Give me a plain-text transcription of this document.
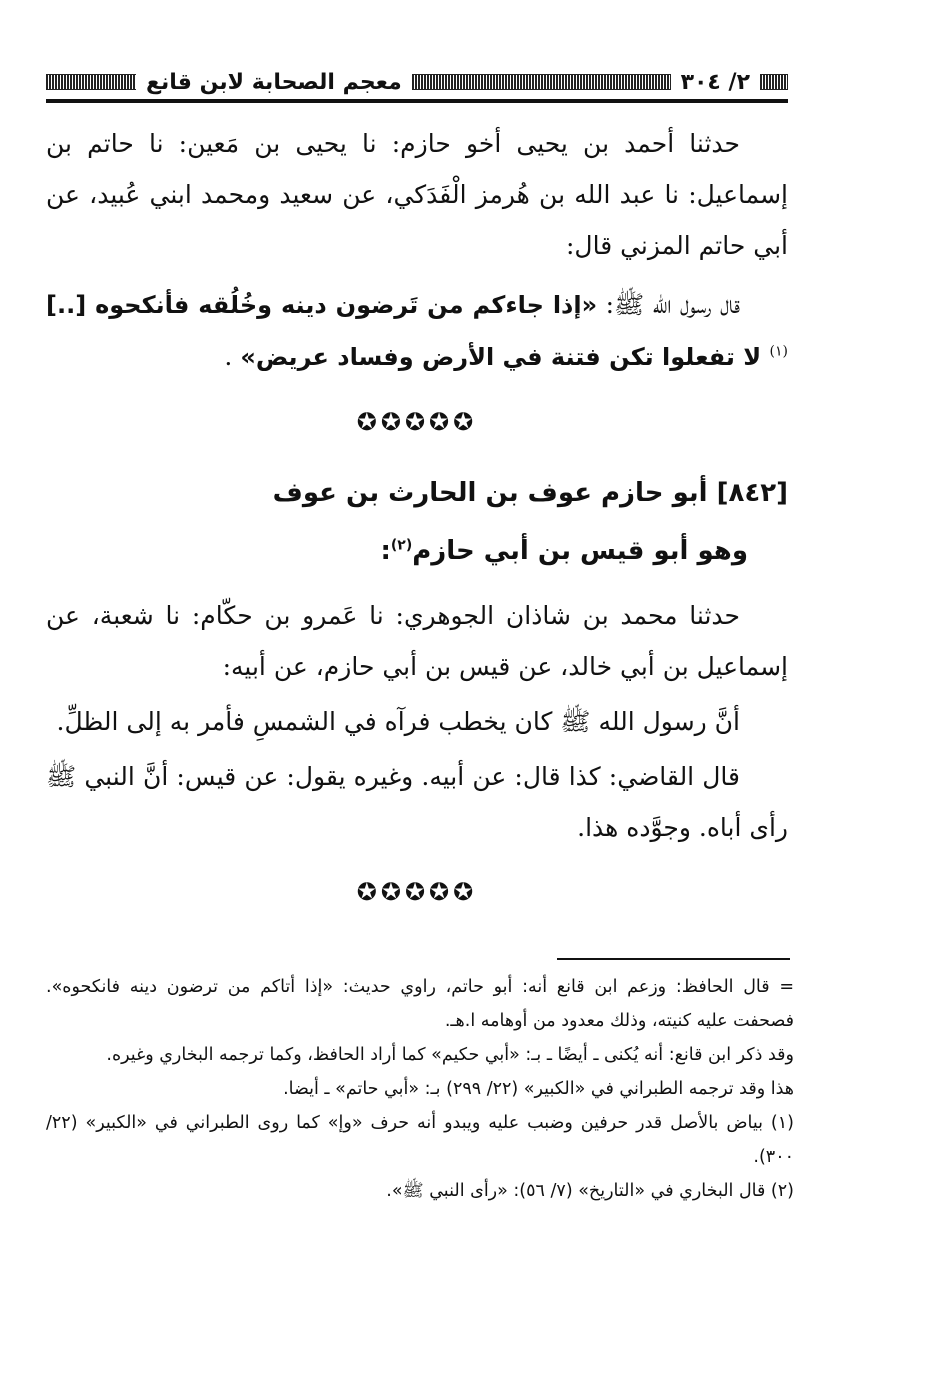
٢/ ٣٠٤
معجم الصحابة لابن قانع

حدثنا أحمد بن يحيى أخو حازم: نا يحيى بن مَعين: نا حاتم بن إسماعيل: نا عبد الله بن هُرمز الْفَدَكي، عن سعيد ومحمد ابني عُبيد، عن أبي حاتم المزني قال:

قال رسول الله ﷺ: «إذا جاءكم من تَرضون دينه وخُلُقه فأنكحوه [..]$^{(١)}$ لا تفعلوا تكن فتنة في الأرض وفساد عريض» .

✪✪✪✪✪

[٨٤٢] أبو حازم عوف بن الحارث بن عوف

وهو أبو قيس بن أبي حازم$^{(٢)}$:

حدثنا محمد بن شاذان الجوهري: نا عَمرو بن حكّام: نا شعبة، عن إسماعيل بن أبي خالد، عن قيس بن أبي حازم، عن أبيه:

أنَّ رسول الله ﷺ كان يخطب فرآه في الشمسِ فأمر به إلى الظلِّ.

قال القاضي: كذا قال: عن أبيه. وغيره يقول: عن قيس: أنَّ النبي ﷺ رأى أباه. وجوَّده هذا.

✪✪✪✪✪

= قال الحافظ: وزعم ابن قانع أنه: أبو حاتم، راوي حديث: «إذا أتاكم من ترضون دينه فانكحوه». فصحفت عليه كنيته، وذلك معدود من أوهامه ا.هـ.

وقد ذكر ابن قانع: أنه يُكنى ـ أيضًا ـ بـ: «أبي حكيم» كما أراد الحافظ، وكما ترجمه البخاري وغيره.

هذا وقد ترجمه الطبراني في «الكبير» (٢٢/ ٢٩٩) بـ: «أبي حاتم» ـ أيضا.

(١) بياض بالأصل قدر حرفين وضبب عليه ويبدو أنه حرف «وإ» كما روى الطبراني في «الكبير» (٢٢/ ٣٠٠).

(٢) قال البخاري في «التاريخ» (٧/ ٥٦): «رأى النبي ﷺ».
